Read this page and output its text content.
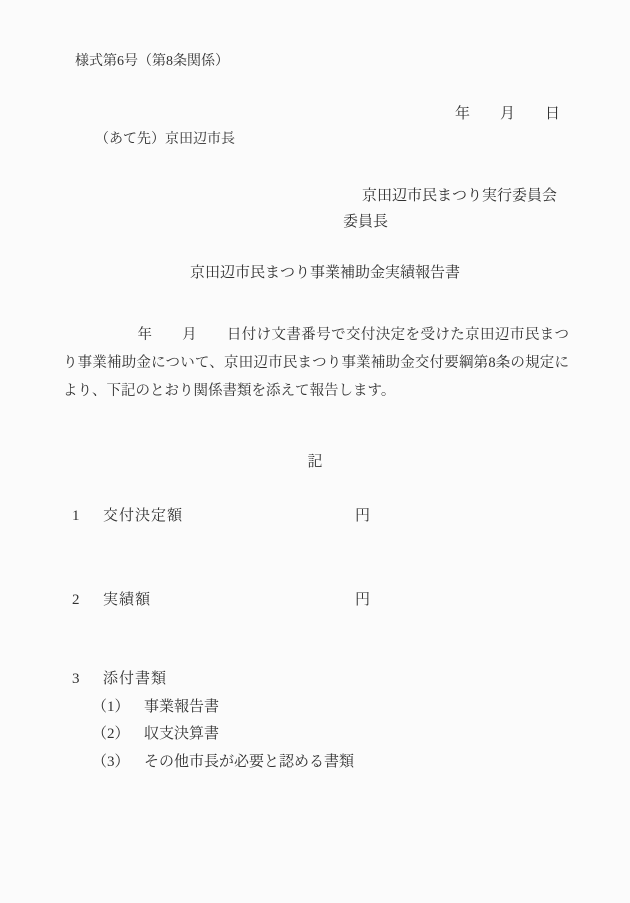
様式第6号（第8条関係）
年　　月　　日
（あて先）京田辺市長
京田辺市民まつり実行委員会
委員長
京田辺市民まつり事業補助金実績報告書
　　　　　年　　月　　日付け文書番号で交付決定を受けた京田辺市民まつり事業補助金について、京田辺市民まつり事業補助金交付要綱第8条の規定により、下記のとおり関係書類を添えて報告します。
記
1 交付決定額	円
2 実績額	円
3 添付書類
（1） 事業報告書
（2） 収支決算書
（3） その他市長が必要と認める書類
